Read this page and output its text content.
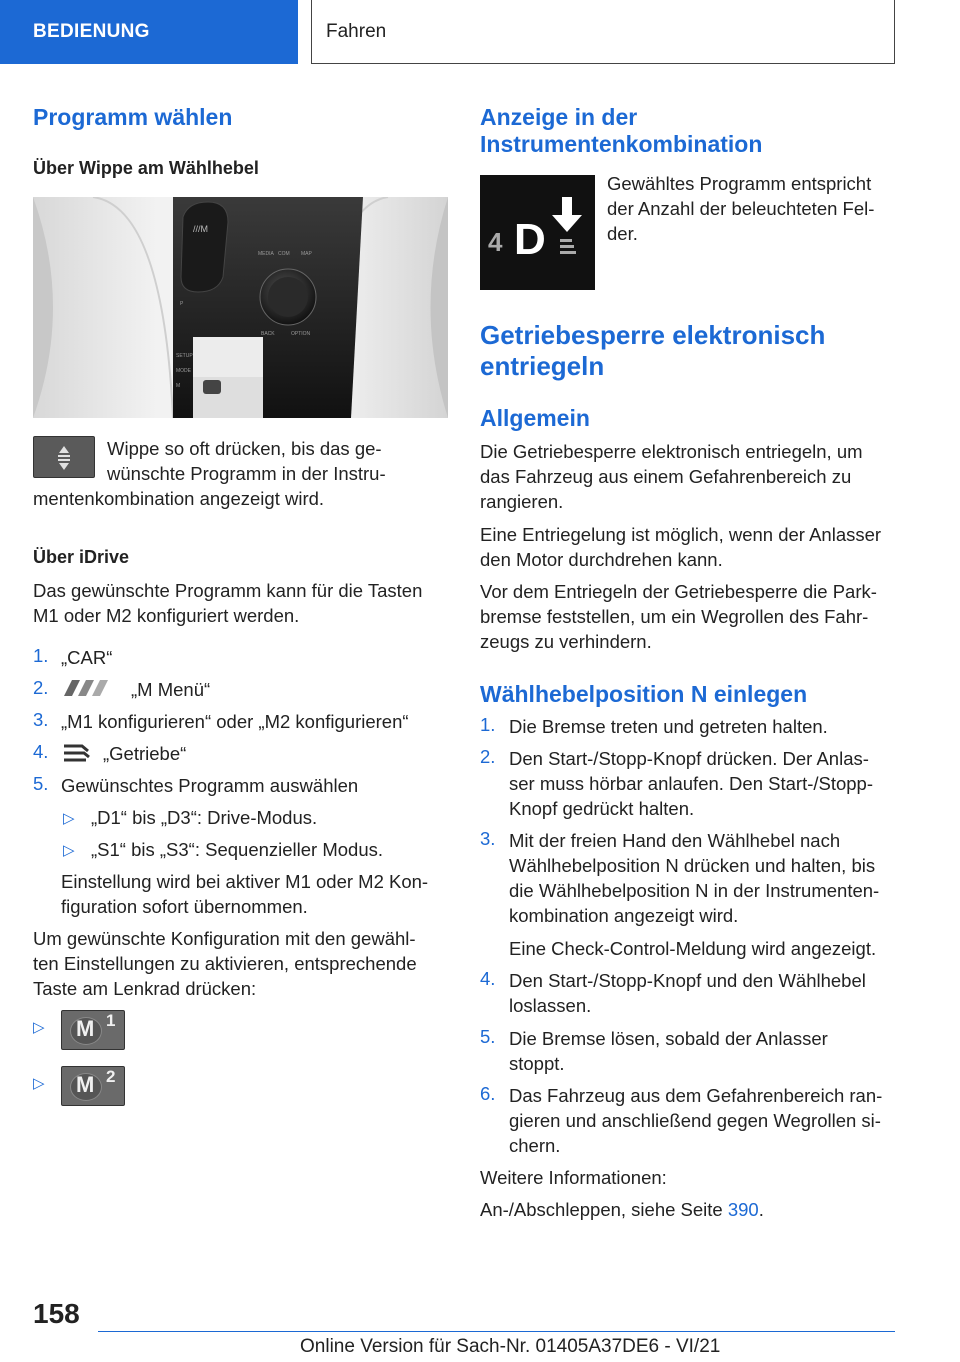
BEDIENUNG	Fahren
Programm wählen
Über Wippe am Wählhebel
///M
MEDIA COM MAP
BACK	OPTION
P
SETUP
MODE
M
Wippe so oft drücken, bis das ge‐
wünschte Programm in der Instru‐
mentenkombination angezeigt wird.
Über iDrive
Das gewünschte Programm kann für die Tasten
M1 oder M2 konfiguriert werden.
1. „CAR“
2.	„M Menü“
3. „M1 konfigurieren“ oder „M2 konfigurieren“
4.	„Getriebe“
5. Gewünschtes Programm auswählen
▷ „D1“ bis „D3“: Drive-Modus.
▷ „S1“ bis „S3“: Sequenzieller Modus.
Einstellung wird bei aktiver M1 oder M2 Kon‐
figuration sofort übernommen.
Um gewünschte Konfiguration mit den gewähl‐
ten Einstellungen zu aktivieren, entsprechende
Taste am Lenkrad drücken:
▷ M 1
▷ M 2
Anzeige in der
Instrumentenkombination
4 D
Gewähltes Programm entspricht
der Anzahl der beleuchteten Fel‐
der.
Getriebesperre elektronisch
entriegeln
Allgemein
Die Getriebesperre elektronisch entriegeln, um
das Fahrzeug aus einem Gefahrenbereich zu
rangieren.
Eine Entriegelung ist möglich, wenn der Anlasser
den Motor durchdrehen kann.
Vor dem Entriegeln der Getriebesperre die Park‐
bremse feststellen, um ein Wegrollen des Fahr‐
zeugs zu verhindern.
Wählhebelposition N einlegen
1. Die Bremse treten und getreten halten.
2. Den Start-/Stopp-Knopf drücken. Der Anlas‐
ser muss hörbar anlaufen. Den Start-/Stopp-
Knopf gedrückt halten.
3. Mit der freien Hand den Wählhebel nach
Wählhebelposition N drücken und halten, bis
die Wählhebelposition N in der Instrumenten‐
kombination angezeigt wird.
Eine Check-Control-Meldung wird angezeigt.
4. Den Start-/Stopp-Knopf und den Wählhebel
loslassen.
5. Die Bremse lösen, sobald der Anlasser
stoppt.
6. Das Fahrzeug aus dem Gefahrenbereich ran‐
gieren und anschließend gegen Wegrollen si‐
chern.
Weitere Informationen:
An-/Abschleppen, siehe Seite 390.
158
Online Version für Sach-Nr. 01405A37DE6 - VI/21
